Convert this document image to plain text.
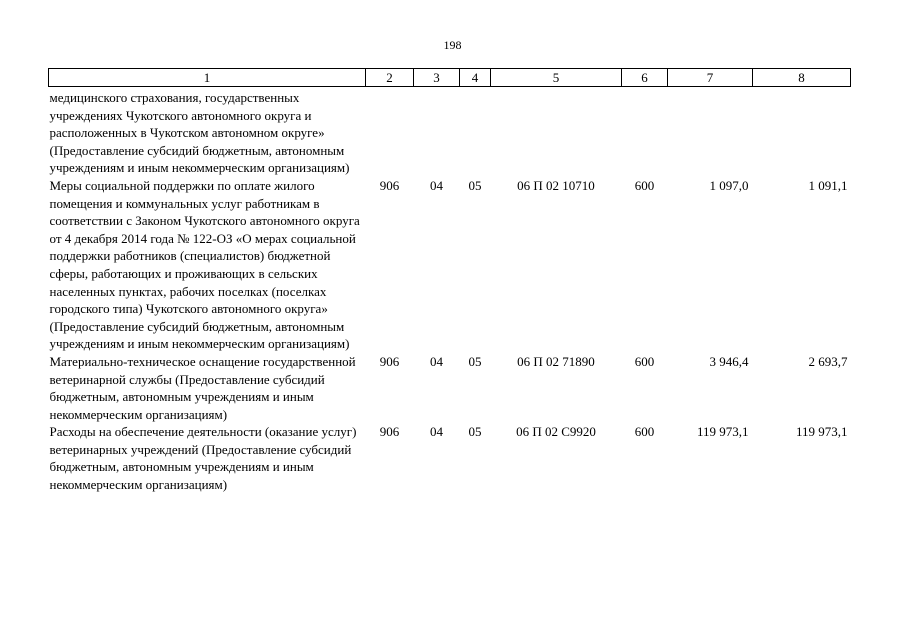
198
1	2	3	4	5	6	7	8
медицинского страхования, государственных учреждениях Чукотского автономного округа и расположенных в Чукотском автономном округе» (Предоставление субсидий бюджетным, автономным учреждениям и иным некоммерческим организациям)							
Меры социальной поддержки по оплате жилого помещения и коммунальных услуг работникам в соответствии с Законом Чукотского автономного округа от 4 декабря 2014 года № 122-ОЗ «О мерах социальной поддержки работников (специалистов) бюджетной сферы, работающих и проживающих в сельских населенных пунктах, рабочих поселках (поселках городского типа) Чукотского автономного округа» (Предоставление субсидий бюджетным, автономным учреждениям и иным некоммерческим организациям)	906	04	05	06 П 02 10710	600	1 097,0	1 091,1
Материально-техническое оснащение государственной ветеринарной службы (Предоставление субсидий бюджетным, автономным учреждениям и иным некоммерческим организациям)	906	04	05	06 П 02 71890	600	3 946,4	2 693,7
Расходы на обеспечение деятельности (оказание услуг) ветеринарных учреждений (Предоставление субсидий бюджетным, автономным учреждениям и иным некоммерческим организациям)	906	04	05	06 П 02 С9920	600	119 973,1	119 973,1
